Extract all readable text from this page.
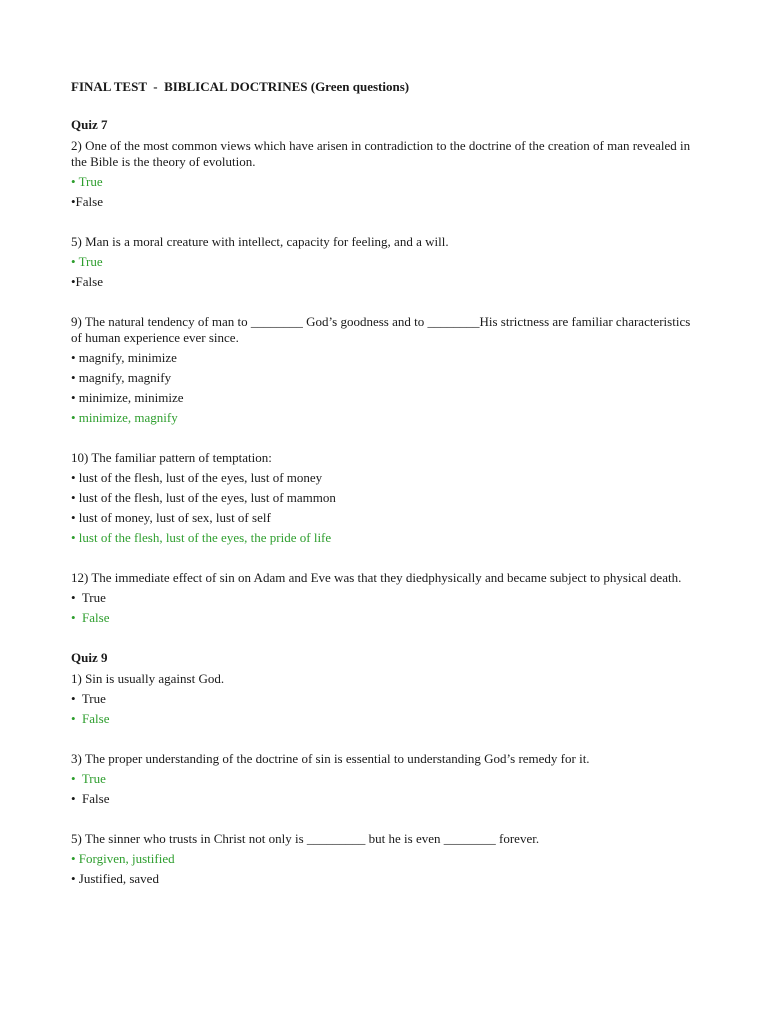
FINAL TEST  -  BIBLICAL DOCTRINES (Green questions)
Quiz 7
2) One of the most common views which have arisen in contradiction to the doctrine of the creation of man revealed in the Bible is the theory of evolution.
• True
•False
5) Man is a moral creature with intellect, capacity for feeling, and a will.
• True
•False
9) The natural tendency of man to ________ God’s goodness and to ________His strictness are familiar characteristics of human experience ever since.
• magnify, minimize
• magnify, magnify
• minimize, minimize
• minimize, magnify
10) The familiar pattern of temptation:
• lust of the flesh, lust of the eyes, lust of money
• lust of the flesh, lust of the eyes, lust of mammon
• lust of money, lust of sex, lust of self
• lust of the flesh, lust of the eyes, the pride of life
12) The immediate effect of sin on Adam and Eve was that they diedphysically and became subject to physical death.
•  True
•  False
Quiz 9
1) Sin is usually against God.
•  True
•  False
3) The proper understanding of the doctrine of sin is essential to understanding God’s remedy for it.
•  True
•  False
5) The sinner who trusts in Christ not only is _________ but he is even ________ forever.
• Forgiven, justified
• Justified, saved
